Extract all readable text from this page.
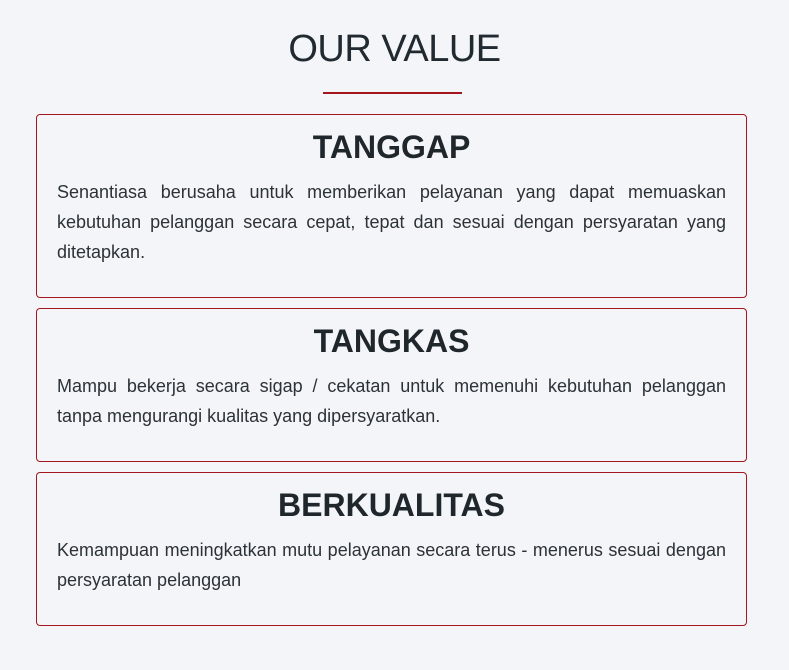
OUR VALUE
TANGGAP

Senantiasa berusaha untuk memberikan pelayanan yang dapat memuaskan kebutuhan pelanggan secara cepat, tepat dan sesuai dengan persyaratan yang ditetapkan.

TANGKAS

Mampu bekerja secara sigap / cekatan untuk memenuhi kebutuhan pelanggan tanpa mengurangi kualitas yang dipersyaratkan.

BERKUALITAS

Kemampuan meningkatkan mutu pelayanan secara terus - menerus sesuai dengan persyaratan pelanggan
